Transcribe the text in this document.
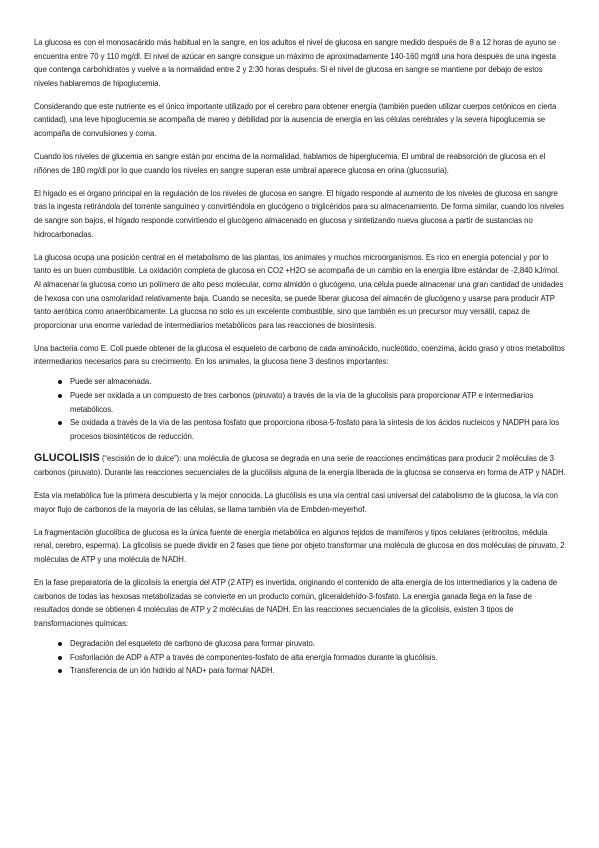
La glucosa es con el monosacárido más habitual en la sangre, en los adultos el nivel de glucosa en sangre medido después de 8 a 12 horas de ayuno se encuentra entre 70 y 110 mg/dl. El nivel de azúcar en sangre consigue un máximo de aproximadamente 140-160 mg/dl una hora después de una ingesta que contenga carbohidratos y vuelve a la normalidad entre 2 y 2:30 horas después. Si el nivel de glucosa en sangre se mantiene por debajo de estos niveles hablaremos de hipoglucemia.

Considerando que este nutriente es el único importante utilizado por el cerebro para obtener energía (también pueden utilizar cuerpos cetónicos en cierta cantidad), una leve hipoglucemia se acompaña de mareo y debilidad por la ausencia de energía en las células cerebrales y la severa hipoglucemia se acompaña de convulsiones y coma.

Cuando los niveles de glucemia en sangre están por encima de la normalidad, hablamos de hiperglucemia. El umbral de reabsorción de glucosa en el riñónes de 180 mg/dl por lo que cuando los niveles en sangre superan este umbral aparece glucosa en orina (glucosuria).

El hígado es el órgano principal en la regulación de los niveles de glucosa en sangre. El hígado responde al aumento de los niveles de glucosa en sangre tras la ingesta retirándola del torrente sanguíneo y convirtiéndola en glucógeno o triglicéridos para su almacenamiento. De forma similar, cuando los niveles de sangre son bajos, el hígado responde convirtiendo el glucógeno almacenado en glucosa y sintetizando nueva glucosa a partir de sustancias no hidrocarbonadas.

La glucosa ocupa una posición central en el metabolismo de las plantas, los animales y muchos microorganismos. Es rico en energía potencial y por lo tanto es un buen combustible. La oxidación completa de glucosa en CO2 +H2O se acompaña de un cambio en la energía libre estándar de -2,840 kJ/mol. Al almacenar la glucosa como un polímero de alto peso molecular, como almidón o glucógeno, una célula puede almacenar una gran cantidad de unidades de hexosa con una osmolaridad relativamente baja. Cuando se necesita, se puede liberar glucosa del almacén de glucógeno y usarse para producir ATP tanto aeróbica como anaeróbicamente. La glucosa no solo es un excelente combustible, sino que también es un precursor muy versátil, capaz de proporcionar una enorme variedad de intermediarios metabólicos para las reacciones de biosíntesis.

Una bacteria como E. Coli puede obtener de la glucosa el esqueleto de carbono de cada aminoácido, nucleótido, coenzima, ácido graso y otros metabolitos intermediarios necesarios para su crecimiento. En los animales, la glucosa tiene 3 destinos importantes:

Puede ser almacenada.
Puede ser oxidada a un compuesto de tres carbonos (piruvato) a través de la vía de la glucolisis para proporcionar ATP e intermediarios metabólicos.
Se oxidada a través de la vía de las pentosa fosfato que proporciona ribosa-5-fosfato para la síntesis de los ácidos nucleicos y NADPH para los procesos biosintéticos de reducción.

GLUCOLISIS (“escisión de lo dulce”): una molécula de glucosa se degrada en una serie de reacciones encimáticas para producir 2 moléculas de 3 carbonos (piruvato). Durante las reacciones secuenciales de la glucólisis alguna de la energía liberada de la glucosa se conserva en forma de ATP y NADH.

Esta vía metabólica fue la primera descubierta y la mejor conocida. La glucólisis es una vía central casi universal del catabolismo de la glucosa, la vía con mayor flujo de carbonos de la mayoría de las células, se llama también vía de Embden-meyerhof.

La fragmentación glucolítica de glucosa es la única fuente de energía metabólica en algunos tejidos de mamíferos y tipos celulares (eritrocitos, médula renal, cerebro, esperma). La glicolisis se puede dividir en 2 fases que tiene por objeto transformar una molécula de glucosa en dos moléculas de piruvato, 2 moléculas de ATP y una molécula de NADH.

En la fase preparatoria de la glicolisis la energía del ATP (2 ATP) es invertida, originando el contenido de alta energía de los intermediarios y la cadena de carbonos de todas las hexosas metabolizadas se convierte en un producto común, gliceraldehído-3-fosfato. La energía ganada llega en la fase de resultados donde se obtienen 4 moléculas de ATP y 2 moléculas de NADH. En las reacciones secuenciales de la glicolisis, existen 3 tipos de transformaciones químicas:

Degradación del esqueleto de carbono de glucosa para formar piruvato.
Fosforilación de ADP a ATP a través de componentes-fosfato de alta energía formados durante la glucólisis.
Transferencia de un ión hidrido al NAD+ para formar NADH.
